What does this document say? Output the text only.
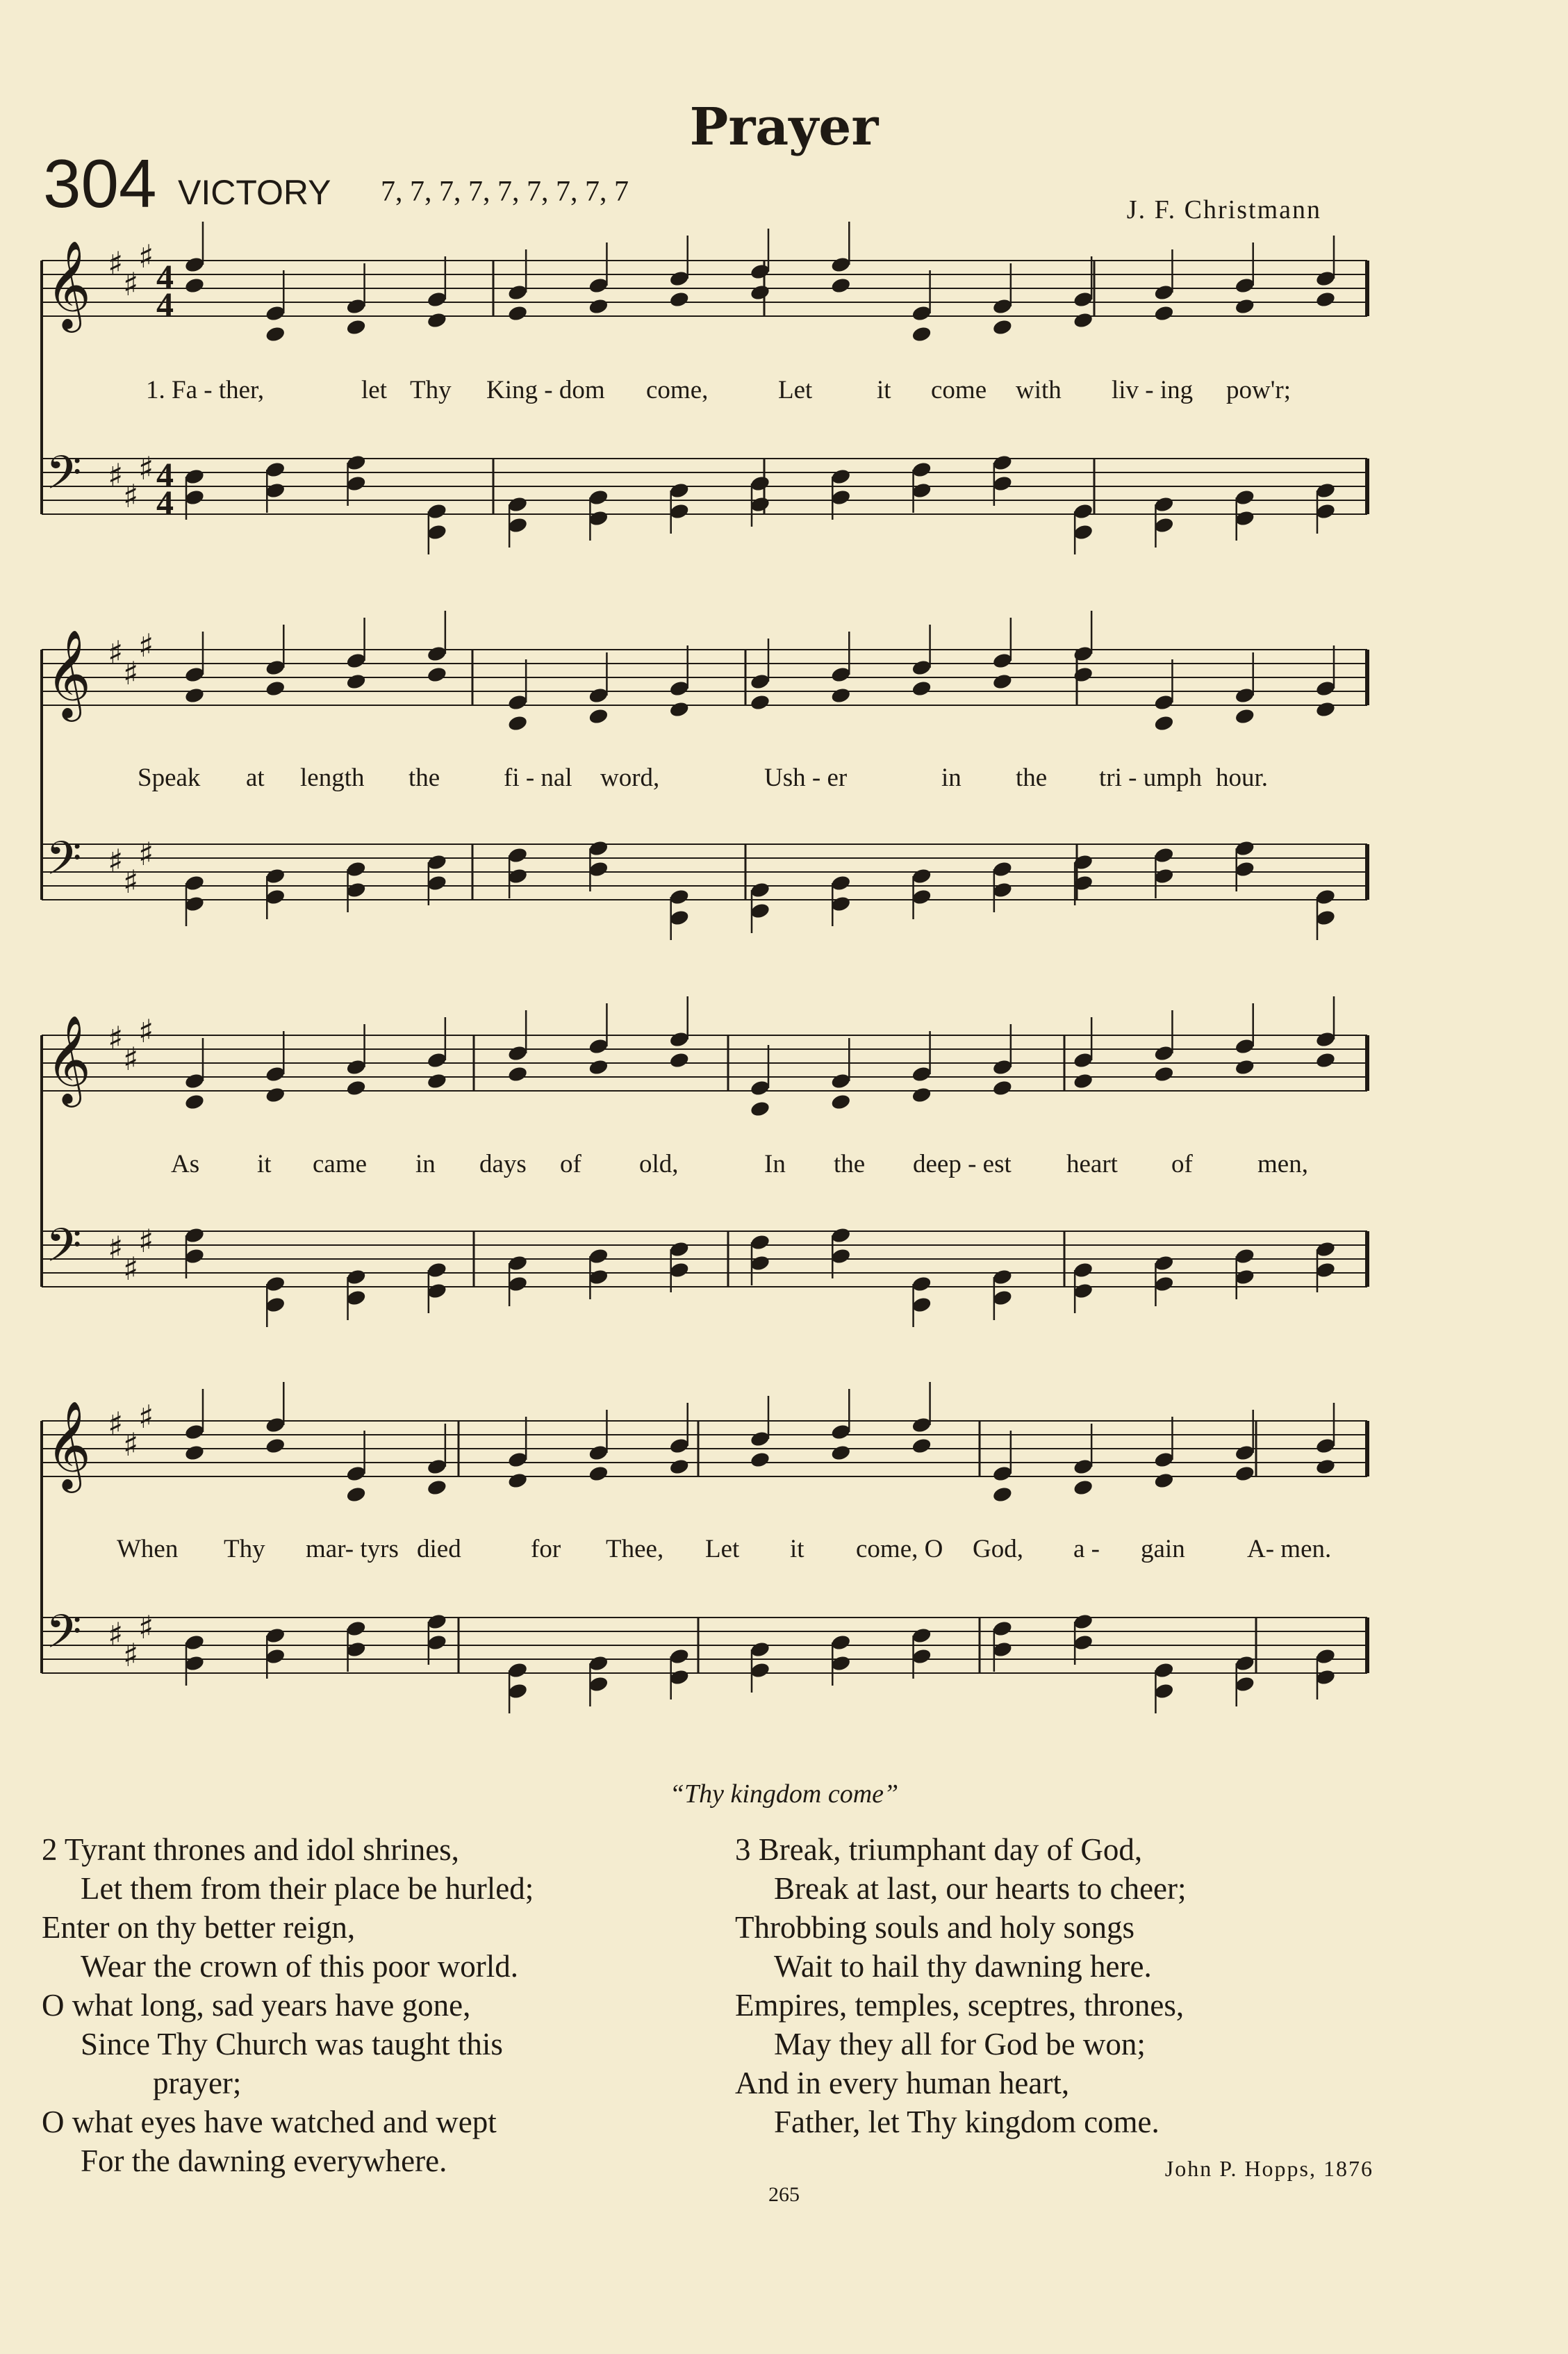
Prayer
304 VICTORY 7, 7, 7, 7, 7, 7, 7, 7, 7
J. F. Christmann
𝄞 ♯
♯
♯
4
4
𝄢 ♯
♯
♯ 4
4
𝄞 ♯
♯
♯
𝄢 ♯
♯
♯
𝄞 ♯
♯
♯
𝄢 ♯
♯
♯
𝄞 ♯
♯
♯
𝄢 ♯
♯
♯
1. Fa - ther,	let Thy King - dom come,	Let	it come with liv - ing pow'r;
Speak at length the fi - nal word,	Ush - er	in the tri - umph hour.
As it came in days of old,	In the deep - est heart of	men,
When Thy mar- tyrs died	for Thee, Let it come, O God, a - gain A- men.
“Thy kingdom come”
2 Tyrant thrones and idol shrines,
Let them from their place be hurled;
Enter on thy better reign,
Wear the crown of this poor world.
O what long, sad years have gone,
Since Thy Church was taught this
prayer;
O what eyes have watched and wept
For the dawning everywhere.
3 Break, triumphant day of God,
Break at last, our hearts to cheer;
Throbbing souls and holy songs
Wait to hail thy dawning here.
Empires, temples, sceptres, thrones,
May they all for God be won;
And in every human heart,
Father, let Thy kingdom come.
John P. Hopps, 1876
265
